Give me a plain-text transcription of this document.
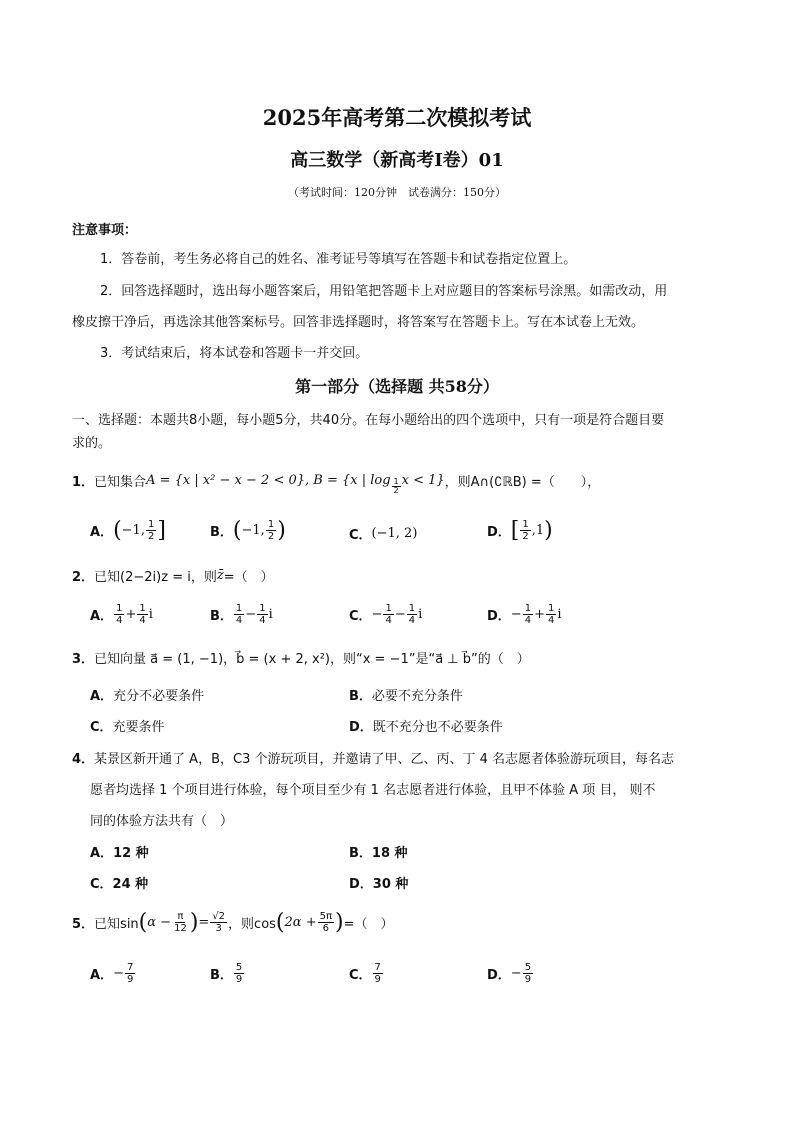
2025年高考第二次模拟考试
高三数学（新高考Ⅰ卷）01
（考试时间：120分钟　试卷满分：150分）
注意事项：
1．答卷前，考生务必将自己的姓名、准考证号等填写在答题卡和试卷指定位置上。
2．回答选择题时，选出每小题答案后，用铅笔把答题卡上对应题目的答案标号涂黑。如需改动，用
橡皮擦干净后，再选涂其他答案标号。回答非选择题时，将答案写在答题卡上。写在本试卷上无效。
3．考试结束后，将本试卷和答题卡一并交回。
第一部分（选择题 共58分）
一、选择题：本题共8小题，每小题5分，共40分。在每小题给出的四个选项中，只有一项是符合题目要
求的。
1． 已知集合 A = {x | x² − x − 2 < 0}, B = {x | $\log \frac{1}{2}$ x < 1} ，则A∩(∁ℝB) =（　　），
A． ( −1, $\frac{1}{2}$ ]	B． ( −1, $\frac{1}{2}$ )	C． (−1, 2)	D． [ $\frac{1}{2} ,1$ )
2． 已知(2−2i)z = i，则 z̄ =（　）
A． $\frac{1}{4} + \frac{1}{4}$ i	B． $\frac{1}{4} - \frac{1}{4}$ i	C． − $\frac{1}{4} - \frac{1}{4}$ i	D． − $\frac{1}{4} + \frac{1}{4}$ i
3． 已知向量 a⃗ = (1, −1)，b⃗ = (x + 2, x²)，则“x = −1”是“a⃗ ⊥ b⃗”的（　）
A．充分不必要条件	B．必要不充分条件
C．充要条件	D．既不充分也不必要条件
4．某景区新开通了 A，B，C3 个游玩项目，并邀请了甲、乙、丙、丁 4 名志愿者体验游玩项目，每名志
愿者均选择 1 个项目进行体验，每个项目至少有 1 名志愿者进行体验，且甲不体验 A 项 目， 则不
同的体验方法共有（　）
A．12 种	B．18 种
C．24 种	D．30 种
5． 已知sin ( $\alpha - \frac{\pi}{12}$ ) = $\frac{√2}{3}$ ，则cos ( $2\alpha + \frac{5\pi}{6}$ ) =（　）
A． − $\frac{7}{9}$	B． $\frac{5}{9}$	C． $\frac{7}{9}$	D． − $\frac{5}{9}$
